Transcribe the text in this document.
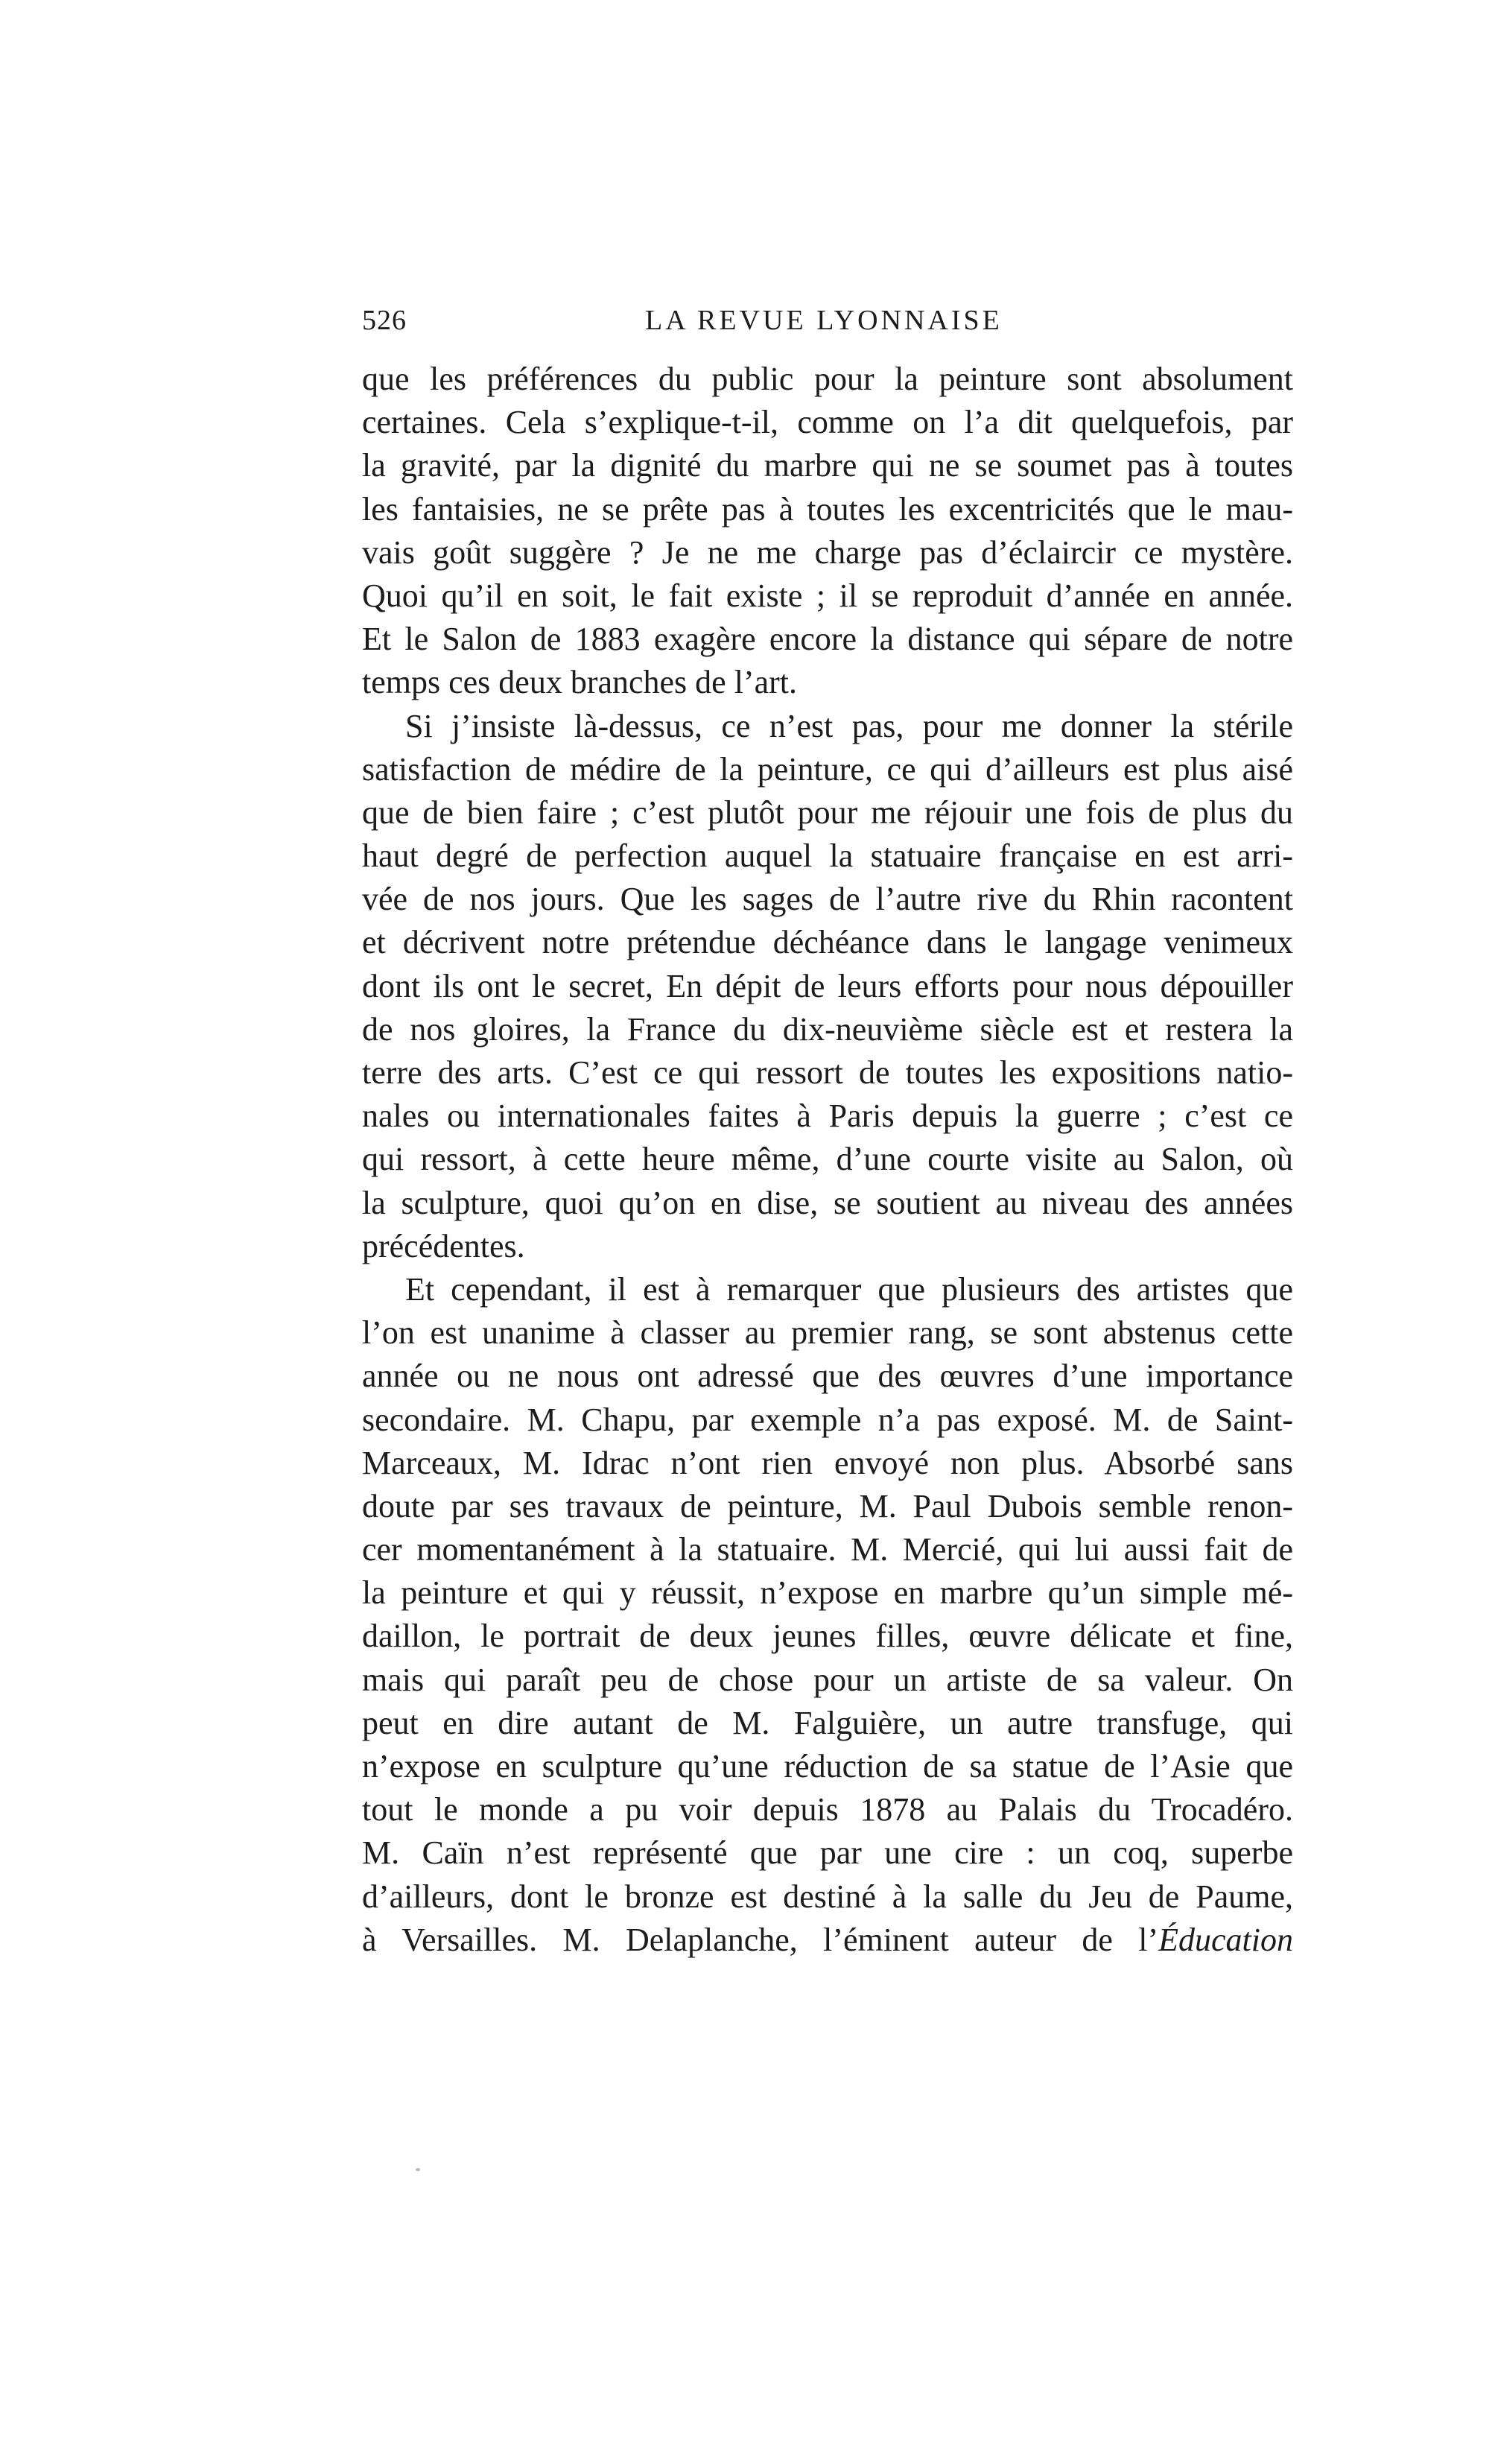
526	LA REVUE LYONNAISE
que les préférences du public pour la peinture sont absolument
certaines. Cela s’explique-t-il, comme on l’a dit quelquefois, par
la gravité, par la dignité du marbre qui ne se soumet pas à toutes
les fantaisies, ne se prête pas à toutes les excentricités que le mau-
vais goût suggère ? Je ne me charge pas d’éclaircir ce mystère.
Quoi qu’il en soit, le fait existe ; il se reproduit d’année en année.
Et le Salon de 1883 exagère encore la distance qui sépare de notre
temps ces deux branches de l’art.
Si j’insiste là-dessus, ce n’est pas, pour me donner la stérile
satisfaction de médire de la peinture, ce qui d’ailleurs est plus aisé
que de bien faire ; c’est plutôt pour me réjouir une fois de plus du
haut degré de perfection auquel la statuaire française en est arri-
vée de nos jours. Que les sages de l’autre rive du Rhin racontent
et décrivent notre prétendue déchéance dans le langage venimeux
dont ils ont le secret, En dépit de leurs efforts pour nous dépouiller
de nos gloires, la France du dix-neuvième siècle est et restera la
terre des arts. C’est ce qui ressort de toutes les expositions natio-
nales ou internationales faites à Paris depuis la guerre ; c’est ce
qui ressort, à cette heure même, d’une courte visite au Salon, où
la sculpture, quoi qu’on en dise, se soutient au niveau des années
précédentes.
Et cependant, il est à remarquer que plusieurs des artistes que
l’on est unanime à classer au premier rang, se sont abstenus cette
année ou ne nous ont adressé que des œuvres d’une importance
secondaire. M. Chapu, par exemple n’a pas exposé. M. de Saint-
Marceaux, M. Idrac n’ont rien envoyé non plus. Absorbé sans
doute par ses travaux de peinture, M. Paul Dubois semble renon-
cer momentanément à la statuaire. M. Mercié, qui lui aussi fait de
la peinture et qui y réussit, n’expose en marbre qu’un simple mé-
daillon, le portrait de deux jeunes filles, œuvre délicate et fine,
mais qui paraît peu de chose pour un artiste de sa valeur. On
peut en dire autant de M. Falguière, un autre transfuge, qui
n’expose en sculpture qu’une réduction de sa statue de l’Asie que
tout le monde a pu voir depuis 1878 au Palais du Trocadéro.
M. Caïn n’est représenté que par une cire : un coq, superbe
d’ailleurs, dont le bronze est destiné à la salle du Jeu de Paume,
à Versailles. M. Delaplanche, l’éminent auteur de l’Éducation
